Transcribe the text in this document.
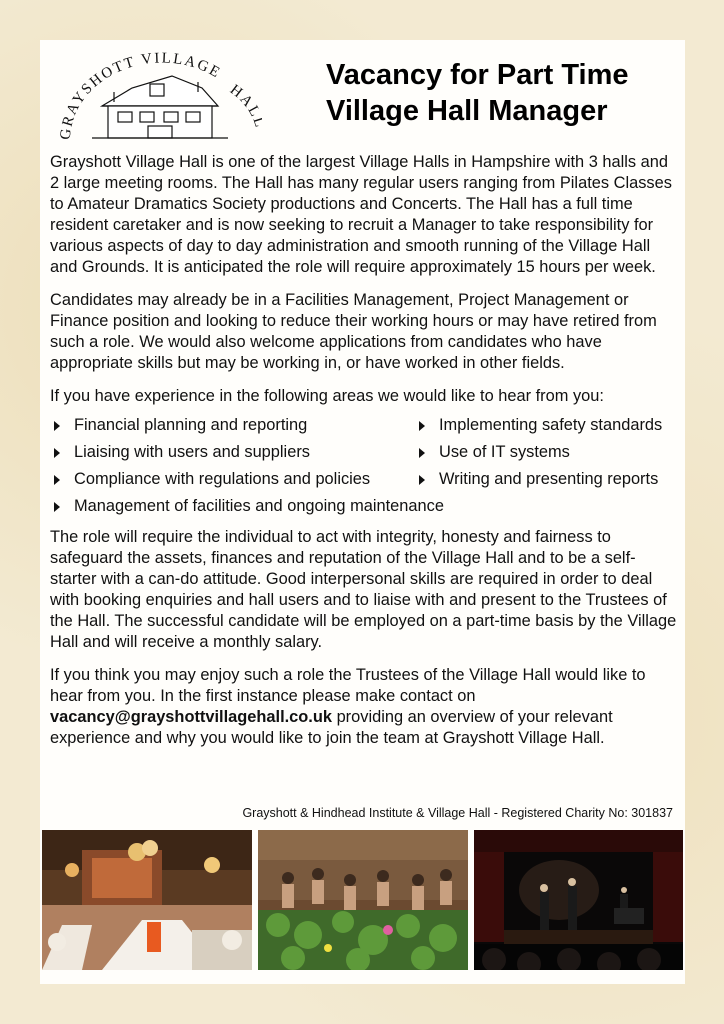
GRAYSHOTT VILLAGE
HAL
Vacancy for Part Time
Village Hall Manager

Grayshott Village Hall is one of the largest Village Halls in Hampshire with 3 halls and 2 large meeting rooms. The Hall has many regular users ranging from Pilates Classes to Amateur Dramatics Society productions and Concerts. The Hall has a full time resident caretaker and is now seeking to recruit a Manager to take responsibility for various aspects of day to day administration and smooth running of the Village Hall and Grounds. It is anticipated the role will require approximately 15 hours per week.

Candidates may already be in a Facilities Management, Project Management or Finance position and looking to reduce their working hours or may have retired from such a role. We would also welcome applications from candidates who have appropriate skills but may be working in, or have worked in other fields.

If you have experience in the following areas we would like to hear from you:

Financial planning and reporting	Implementing safety standards
Liaising with users and suppliers	Use of IT systems
Compliance with regulations and policies	Writing and presenting reports
Management of facilities and ongoing maintenance

The role will require the individual to act with integrity, honesty and fairness to safeguard the assets, finances and reputation of the Village Hall and to be a self-starter with a can-do attitude. Good interpersonal skills are required in order to deal with booking enquiries and hall users and to liaise with and present to the Trustees of the Hall. The successful candidate will be employed on a part-time basis by the Village Hall and will receive a monthly salary.

If you think you may enjoy such a role the Trustees of the Village Hall would like to hear from you. In the first instance please make contact on vacancy@grayshottvillagehall.co.uk providing an overview of your relevant experience and why you would like to join the team at Grayshott Village Hall.

Grayshott & Hindhead Institute & Village Hall - Registered Charity No: 301837
